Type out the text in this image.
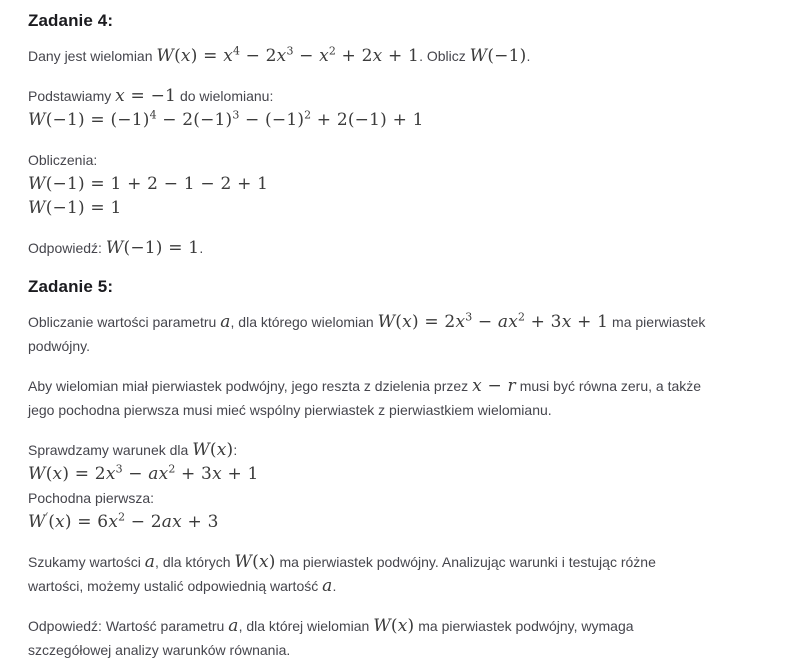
Zadanie 4:

Dany jest wielomian $W(x) = x^4 - 2x^3 - x^2 + 2x + 1$. Oblicz W(−1).

Podstawiamy x = −1 do wielomianu:
$W(-1) = (-1)^4 - 2(-1)^3 - (-1)^2 + 2(-1) + 1$

Obliczenia:
W(−1) = 1 + 2 − 1 − 2 + 1
W(−1) = 1

Odpowiedź: W(−1) = 1.

Zadanie 5:

Obliczanie wartości parametru a, dla którego wielomian $W(x) = 2x^3 - ax^2 + 3x + 1$ ma pierwiastek podwójny.

Aby wielomian miał pierwiastek podwójny, jego reszta z dzielenia przez x − r musi być równa zeru, a także jego pochodna pierwsza musi mieć wspólny pierwiastek z pierwiastkiem wielomianu.

Sprawdzamy warunek dla W(x):
$W(x) = 2x^3 - ax^2 + 3x + 1$
Pochodna pierwsza:
$W'(x) = 6x^2 - 2ax + 3$

Szukamy wartości a, dla których W(x) ma pierwiastek podwójny. Analizując warunki i testując różne wartości, możemy ustalić odpowiednią wartość a.

Odpowiedź: Wartość parametru a, dla której wielomian W(x) ma pierwiastek podwójny, wymaga szczegółowej analizy warunków równania.
